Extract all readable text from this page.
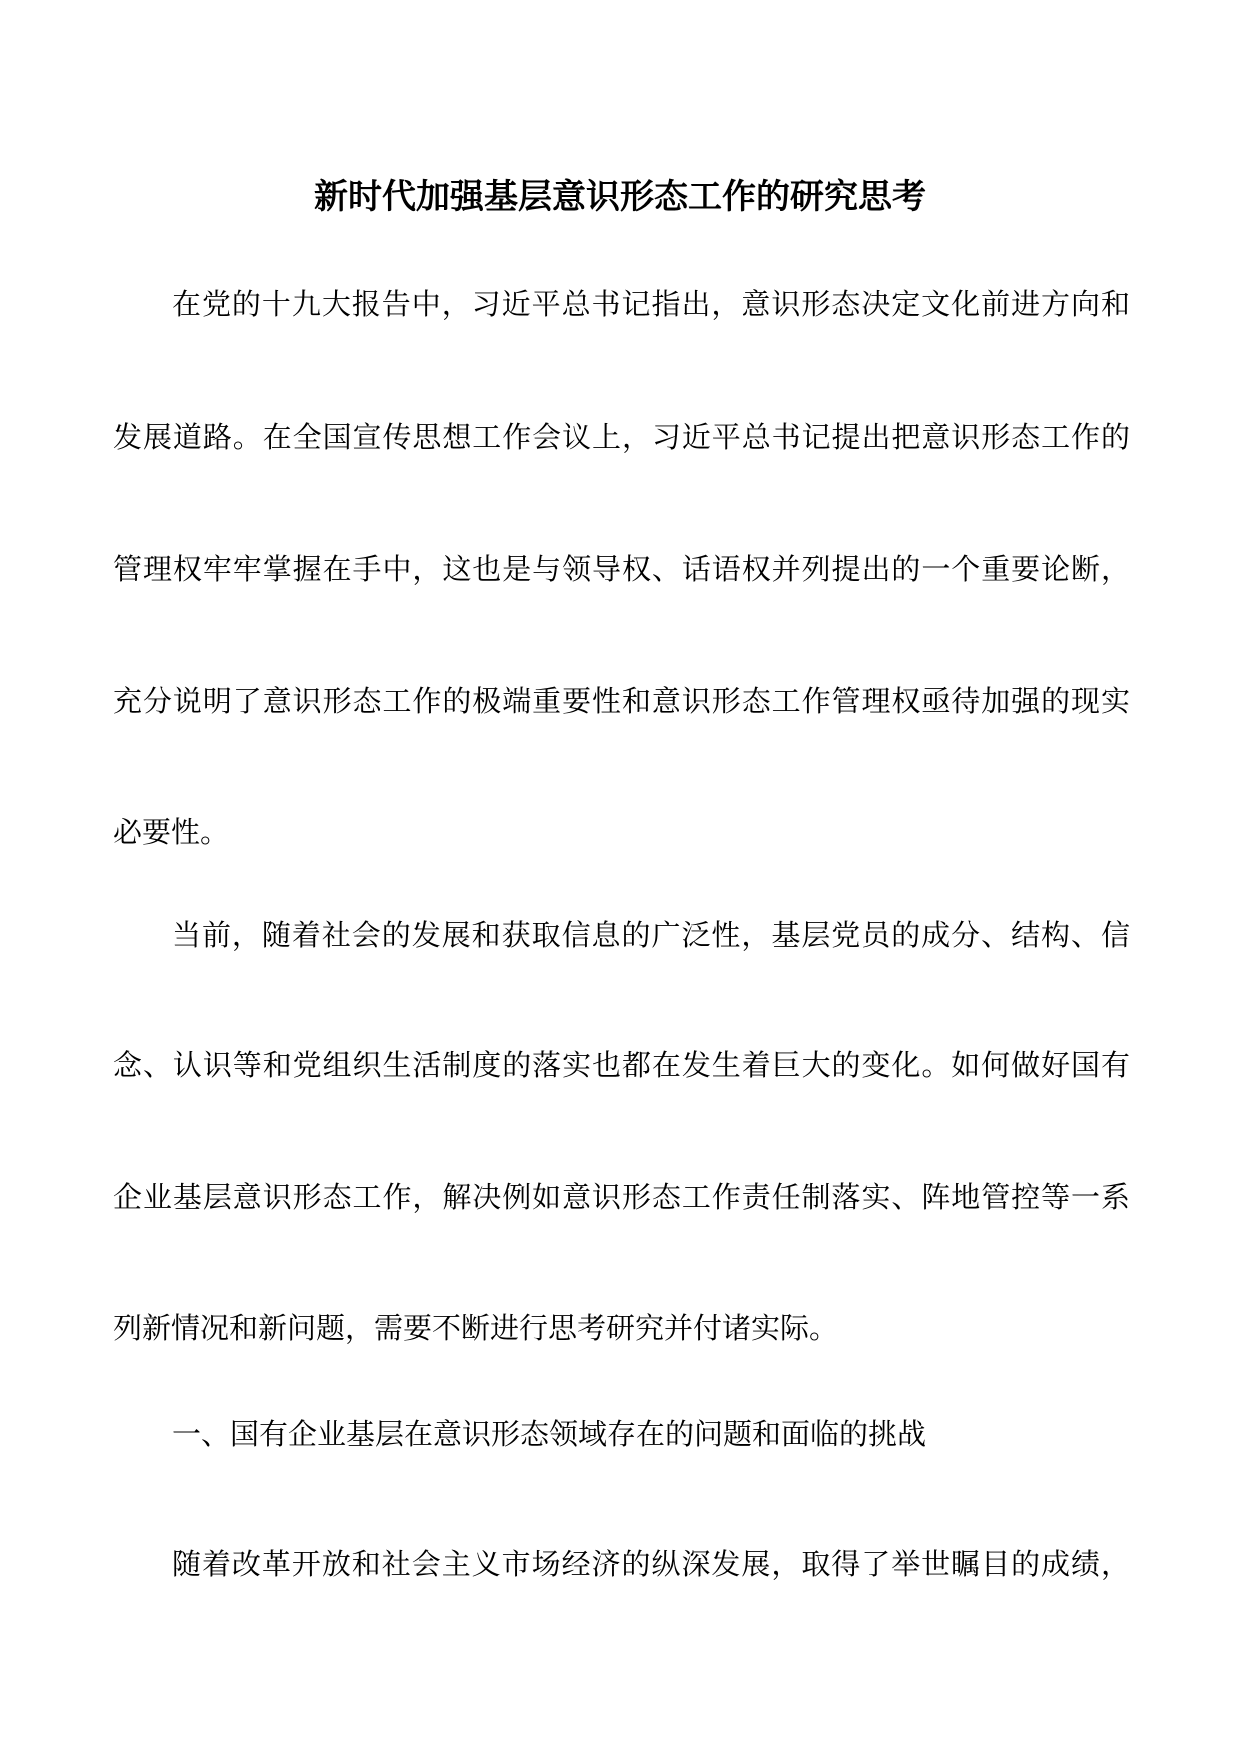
新时代加强基层意识形态工作的研究思考
在党的十九大报告中，习近平总书记指出，意识形态决定文化前进方向和
发展道路。在全国宣传思想工作会议上，习近平总书记提出把意识形态工作的
管理权牢牢掌握在手中，这也是与领导权、话语权并列提出的一个重要论断，
充分说明了意识形态工作的极端重要性和意识形态工作管理权亟待加强的现实
必要性。
当前，随着社会的发展和获取信息的广泛性，基层党员的成分、结构、信
念、认识等和党组织生活制度的落实也都在发生着巨大的变化。如何做好国有
企业基层意识形态工作，解决例如意识形态工作责任制落实、阵地管控等一系
列新情况和新问题，需要不断进行思考研究并付诸实际。
一、国有企业基层在意识形态领域存在的问题和面临的挑战
随着改革开放和社会主义市场经济的纵深发展，取得了举世瞩目的成绩，
